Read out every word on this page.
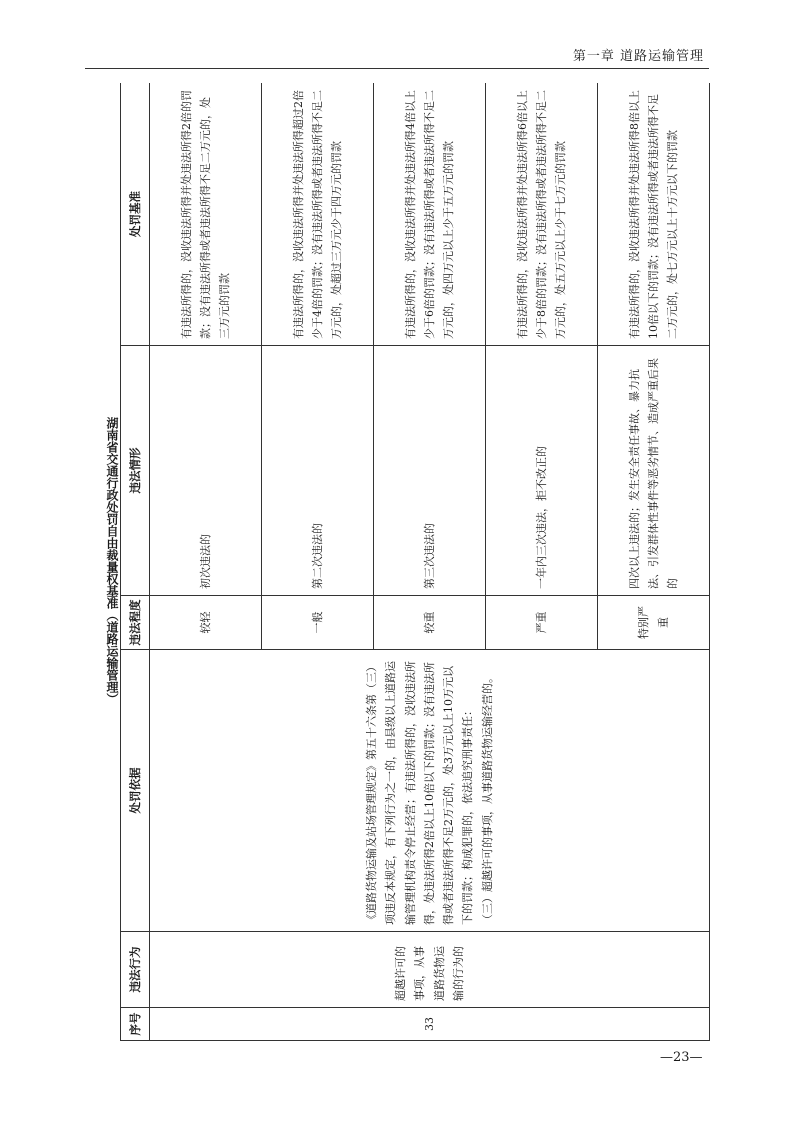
第一章 道路运输管理
湖南省交通行政处罚自由裁量权基准（道路运输管理）
序号	违法行为	处罚依据	违法程度	违法情形	处罚基准
33	超越许可的事项，从事道路货物运输的行为的	《道路货物运输及站场管理规定》第五十六条第（三）项违反本规定，有下列行为之一的，由县级以上道路运输管理机构责令停止经营；有违法所得的，没收违法所得，处违法所得2倍以上10倍以下的罚款；没有违法所得或者违法所得不足2万元的，处3万元以上10万元以下的罚款；构成犯罪的，依法追究刑事责任： （三）超越许可的事项，从事道路货物运输经营的。	较轻	初次违法的	有违法所得的，没收违法所得并处违法所得2倍的罚款；没有违法所得或者违法所得不足二万元的，处三万元的罚款
			一般	第二次违法的	有违法所得的，没收违法所得并处违法所得超过2倍少于4倍的罚款；没有违法所得或者违法所得不足二万元的，处超过三万元少于四万元的罚款
			较重	第三次违法的	有违法所得的，没收违法所得并处违法所得4倍以上少于6倍的罚款；没有违法所得或者违法所得不足二万元的，处四万元以上少于五万元的罚款
			严重	一年内三次违法，拒不改正的	有违法所得的，没收违法所得并处违法所得6倍以上少于8倍的罚款；没有违法所得或者违法所得不足二万元的，处五万元以上少于七万元的罚款
			特别严重	四次以上违法的；发生安全责任事故、暴力抗法、引发群体性事件等恶劣情节、造成严重后果的	有违法所得的，没收违法所得并处违法所得8倍以上10倍以下的罚款；没有违法所得或者违法所得不足二万元的，处七万元以上十万元以下的罚款
—23—
